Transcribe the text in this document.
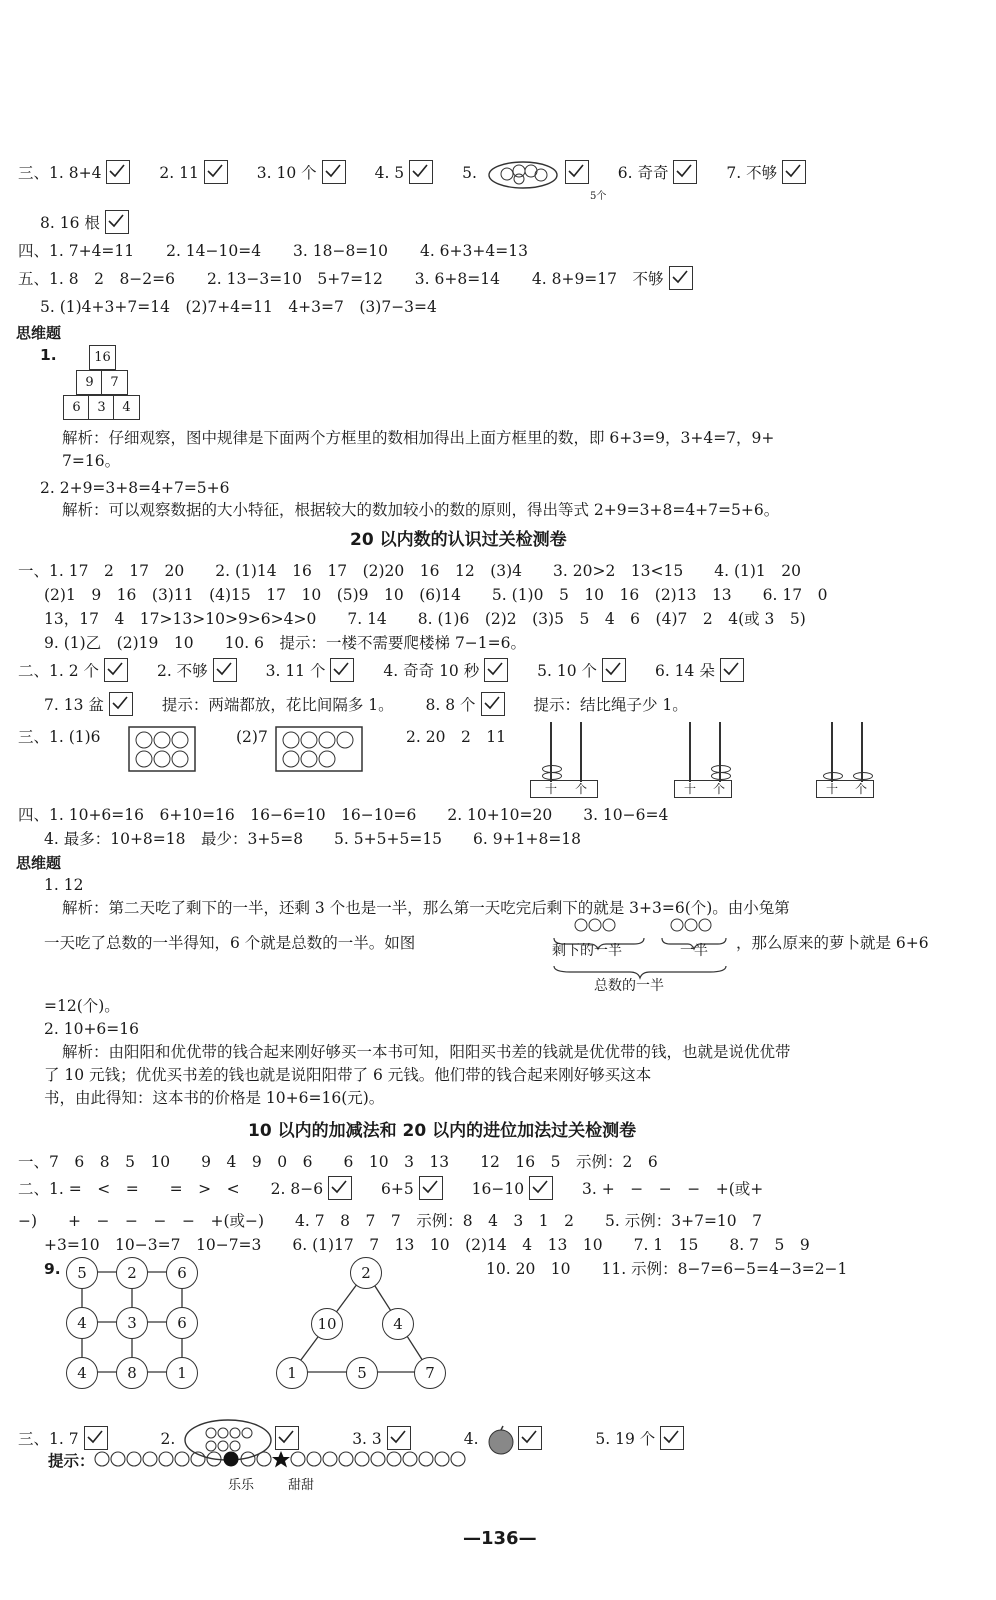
三、1. 8+4	2. 11	3. 10 个	4. 5	5.	6. 奇奇	7. 不够
5个
8. 16 根
四、1. 7+4=11 2. 14−10=4 3. 18−8=10 4. 6+3+4=13
五、1. 8　2　8−2=6 2. 13−3=10　5+7=12 3. 6+8=14 4. 8+9=17　不够
5. (1)4+3+7=14　(2)7+4=11　4+3=7　(3)7−3=4
思维题
1.	16
9	7
6	3	4
解析：仔细观察，图中规律是下面两个方框里的数相加得出上面方框里的数，即 6+3=9，3+4=7，9+
7=16。
2. 2+9=3+8=4+7=5+6
解析：可以观察数据的大小特征，根据较大的数加较小的数的原则，得出等式 2+9=3+8=4+7=5+6。
20 以内数的认识过关检测卷
一、1. 17　2　17　20　　2. (1)14　16　17　(2)20　16　12　(3)4　　3. 20>2　13<15　　4. (1)1　20
(2)1　9　16　(3)11　(4)15　17　10　(5)9　10　(6)14　　5. (1)0　5　10　16　(2)13　13　　6. 17　0
13，17　4　17>13>10>9>6>4>0　　7. 14　　8. (1)6　(2)2　(3)5　5　4　6　(4)7　2　4(或 3　5)
9. (1)乙　(2)19　10　　10. 6　提示：一楼不需要爬楼梯 7−1=6。
二、1. 2 个	2. 不够	3. 11 个	4. 奇奇 10 秒	5. 10 个	6. 14 朵
7. 13 盆	提示：两端都放，花比间隔多 1。 8. 8 个	提示：结比绳子少 1。
三、1. (1)6	(2)7	2. 20　2　11
十 个	十 个	十 个
四、1. 10+6=16　6+10=16　16−6=10　16−10=6　　2. 10+10=20　　3. 10−6=4
4. 最多：10+8=18　最少：3+5=8　　5. 5+5+5=15　　6. 9+1+8=18
思维题
1. 12
解析：第二天吃了剩下的一半，还剩 3 个也是一半，那么第一天吃完后剩下的就是 3+3=6(个)。由小兔第
一天吃了总数的一半得知，6 个就是总数的一半。如图	剩下的一半	一半
总数的一半
，那么原来的萝卜就是 6+6
=12(个)。
2. 10+6=16
解析：由阳阳和优优带的钱合起来刚好够买一本书可知，阳阳买书差的钱就是优优带的钱，也就是说优优带
了 10 元钱；优优买书差的钱也就是说阳阳带了 6 元钱。他们带的钱合起来刚好够买这本
书，由此得知：这本书的价格是 10+6=16(元)。
10 以内的加减法和 20 以内的进位加法过关检测卷
一、7　6　8　5　10　　9　4　9　0　6　　6　10　3　13　　12　16　5　示例：2　6
二、1. =　<　=　　=　>　<　　2. 8−6	6+5	16−10	3. +　−　−　−　+(或+
−)　　+　−　−　−　−　+(或−)　　4. 7　8　7　7　示例：8　4　3　1　2　　5. 示例：3+7=10　7
+3=10　10−3=7　10−7=3　　6. (1)17　7　13　10　(2)14　4　13　10　　7. 1　15　　8. 7　5　9
9.	10. 20　10　　11. 示例：8−7=6−5=4−3=2−1
5	2	6
4	3	6
4	8	1
2
10	4
1	5	7
三、1. 7	2.	3. 3	4.	5. 19 个
提示：
乐乐	甜甜
—136—
